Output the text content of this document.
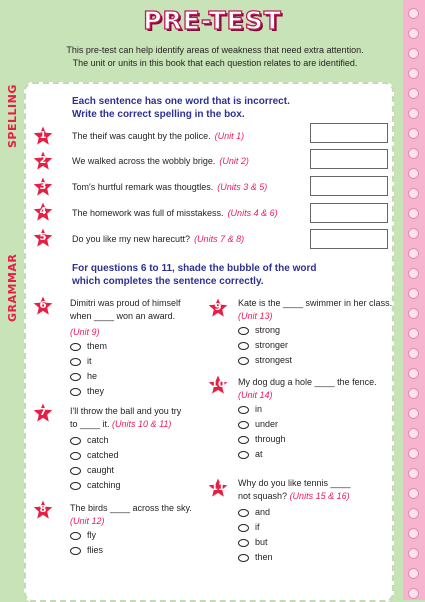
PRE-TEST

This pre-test can help identify areas of weakness that need extra attention.
The unit or units in this book that each question relates to are identified.

SPELLING
GRAMMAR

Each sentence has one word that is incorrect.
Write the correct spelling in the box.

1	The theif was caught by the police. (Unit 1)
2	We walked across the wobbly brige. (Unit 2)
3	Tom's hurtful remark was thougtles. (Units 3 & 5)
4	The homework was full of misstakess. (Units 4 & 6)
5	Do you like my new harecutt? (Units 7 & 8)

For questions 6 to 11, shade the bubble of the word
which completes the sentence correctly.

6	Dimitri was proud of himself
when ____ won an award.
(Unit 9)
them
it
he
they
7	I'll throw the ball and you try
to ____ it. (Units 10 & 11)
catch
catched
caught
catching
8	The birds ____ across the sky.
(Unit 12)
fly
flies
9	Kate is the ____ swimmer in her class.
(Unit 13)
strong
stronger
strongest
10	My dog dug a hole ____ the fence.
(Unit 14)
in
under
through
at
11	Why do you like tennis ____
not squash? (Units 15 & 16)
and
if
but
then
